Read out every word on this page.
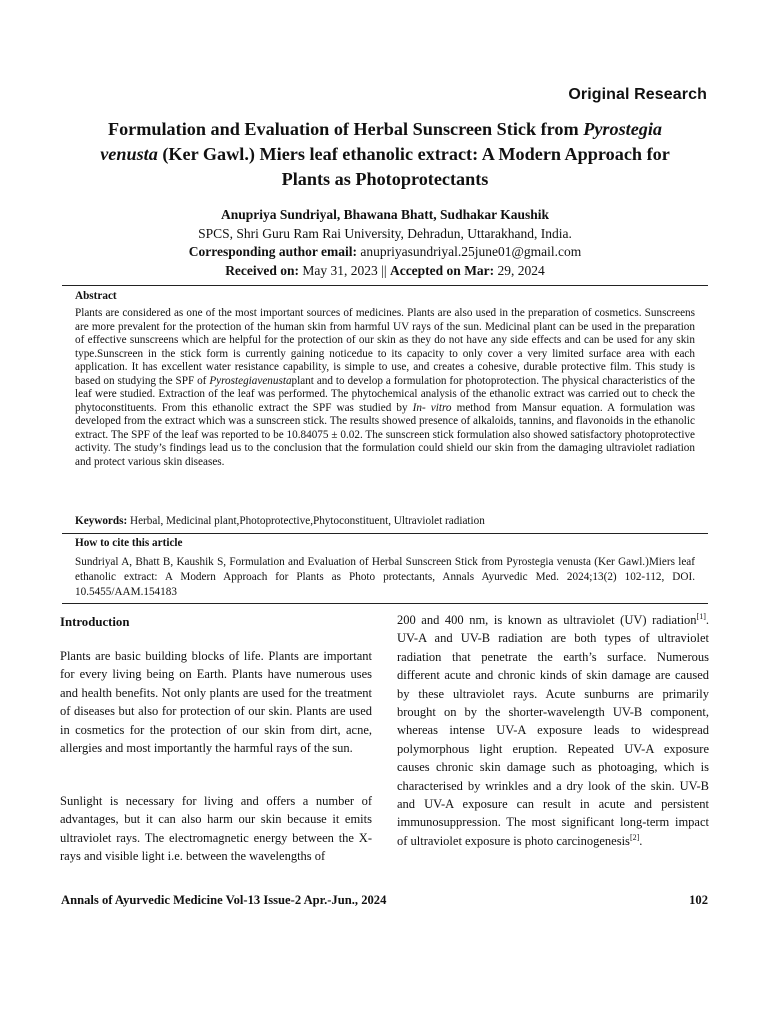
Original Research
Formulation and Evaluation of Herbal Sunscreen Stick from Pyrostegia
venusta (Ker Gawl.) Miers leaf ethanolic extract: A Modern Approach for
Plants as Photoprotectants
Anupriya Sundriyal, Bhawana Bhatt, Sudhakar Kaushik
SPCS, Shri Guru Ram Rai University, Dehradun, Uttarakhand, India.
Corresponding author email: anupriyasundriyal.25june01@gmail.com
Received on: May 31, 2023 || Accepted on Mar: 29, 2024
Abstract
Plants are considered as one of the most important sources of medicines. Plants are also used in the preparation of cosmetics. Sunscreens are more prevalent for the protection of the human skin from harmful UV rays of the sun. Medicinal plant can be used in the preparation of effective sunscreens which are helpful for the protection of our skin as they do not have any side effects and can be used for any skin type.Sunscreen in the stick form is currently gaining noticedue to its capacity to only cover a very limited surface area with each application. It has excellent water resistance capability, is simple to use, and creates a cohesive, durable protective film. This study is based on studying the SPF of Pyrostegiavenustaplant and to develop a formulation for photoprotection. The physical characteristics of the leaf were studied. Extraction of the leaf was performed. The phytochemical analysis of the ethanolic extract was carried out to check the phytoconstituents. From this ethanolic extract the SPF was studied by In- vitro method from Mansur equation. A formulation was developed from the extract which was a sunscreen stick. The results showed presence of alkaloids, tannins, and flavonoids in the ethanolic extract. The SPF of the leaf was reported to be 10.84075 ± 0.02. The sunscreen stick formulation also showed satisfactory photoprotective activity. The study’s findings lead us to the conclusion that the formulation could shield our skin from the damaging ultraviolet radiation and protect various skin diseases.
Keywords: Herbal, Medicinal plant,Photoprotective,Phytoconstituent, Ultraviolet radiation
How to cite this article
Sundriyal A, Bhatt B, Kaushik S, Formulation and Evaluation of Herbal Sunscreen Stick from Pyrostegia venusta (Ker Gawl.)Miers leaf ethanolic extract: A Modern Approach for Plants as Photo protectants, Annals Ayurvedic Med. 2024;13(2) 102-112, DOI. 10.5455/AAM.154183
Introduction
Plants are basic building blocks of life. Plants are important for every living being on Earth. Plants have numerous uses and health benefits. Not only plants are used for the treatment of diseases but also for protection of our skin. Plants are used in cosmetics for the protection of our skin from dirt, acne, allergies and most importantly the harmful rays of the sun.
Sunlight is necessary for living and offers a number of advantages, but it can also harm our skin because it emits ultraviolet rays. The electromagnetic energy between the X-rays and visible light i.e. between the wavelengths of
200 and 400 nm, is known as ultraviolet (UV) radiation[1]. UV-A and UV-B radiation are both types of ultraviolet radiation that penetrate the earth’s surface. Numerous different acute and chronic kinds of skin damage are caused by these ultraviolet rays. Acute sunburns are primarily brought on by the shorter-wavelength UV-B component, whereas intense UV-A exposure leads to widespread polymorphous light eruption. Repeated UV-A exposure causes chronic skin damage such as photoaging, which is characterised by wrinkles and a dry look of the skin. UV-B and UV-A exposure can result in acute and persistent immunosuppression. The most significant long-term impact of ultraviolet exposure is photo carcinogenesis[2].
Annals of Ayurvedic Medicine Vol-13 Issue-2 Apr.-Jun., 2024	102
